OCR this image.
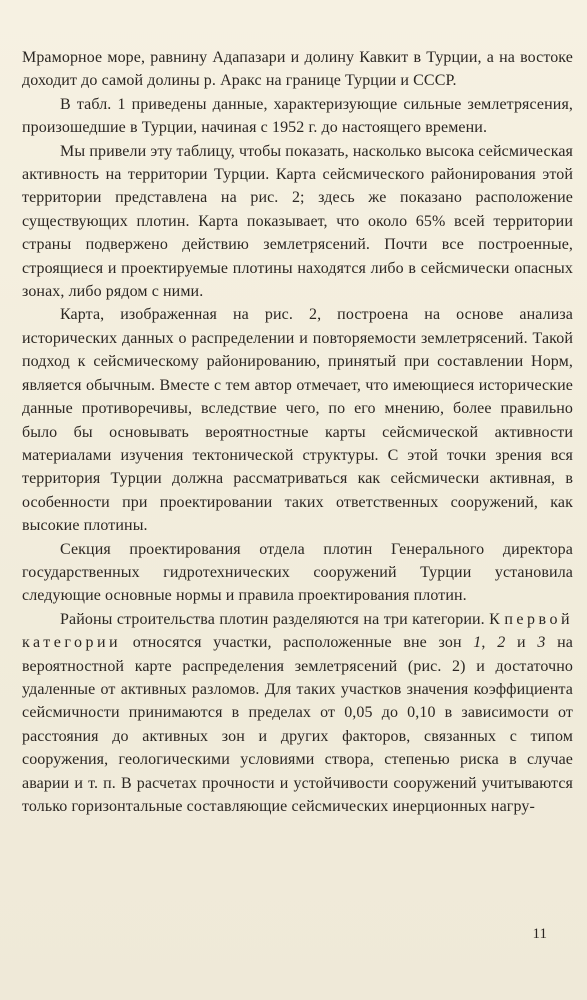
Мраморное море, равнину Адапазари и долину Кавкит в Турции, а на востоке доходит до самой долины р. Аракс на границе Турции и СССР.

В табл. 1 приведены данные, характеризующие сильные землетрясения, произошедшие в Турции, начиная с 1952 г. до настоящего времени.

Мы привели эту таблицу, чтобы показать, насколько высока сейсмическая активность на территории Турции. Карта сейсмического районирования этой территории представлена на рис. 2; здесь же показано расположение существующих плотин. Карта показывает, что около 65% всей территории страны подвержено действию землетрясений. Почти все построенные, строящиеся и проектируемые плотины находятся либо в сейсмически опасных зонах, либо рядом с ними.

Карта, изображенная на рис. 2, построена на основе анализа исторических данных о распределении и повторяемости землетрясений. Такой подход к сейсмическому районированию, принятый при составлении Норм, является обычным. Вместе с тем автор отмечает, что имеющиеся исторические данные противоречивы, вследствие чего, по его мнению, более правильно было бы основывать вероятностные карты сейсмической активности материалами изучения тектонической структуры. С этой точки зрения вся территория Турции должна рассматриваться как сейсмически активная, в особенности при проектировании таких ответственных сооружений, как высокие плотины.

Секция проектирования отдела плотин Генерального директора государственных гидротехнических сооружений Турции установила следующие основные нормы и правила проектирования плотин.

Районы строительства плотин разделяются на три категории. К первой категории относятся участки, расположенные вне зон 1, 2 и 3 на вероятностной карте распределения землетрясений (рис. 2) и достаточно удаленные от активных разломов. Для таких участков значения коэффициента сейсмичности принимаются в пределах от 0,05 до 0,10 в зависимости от расстояния до активных зон и других факторов, связанных с типом сооружения, геологическими условиями створа, степенью риска в случае аварии и т. п. В расчетах прочности и устойчивости сооружений учитываются только горизонтальные составляющие сейсмических инерционных нагру-

11
